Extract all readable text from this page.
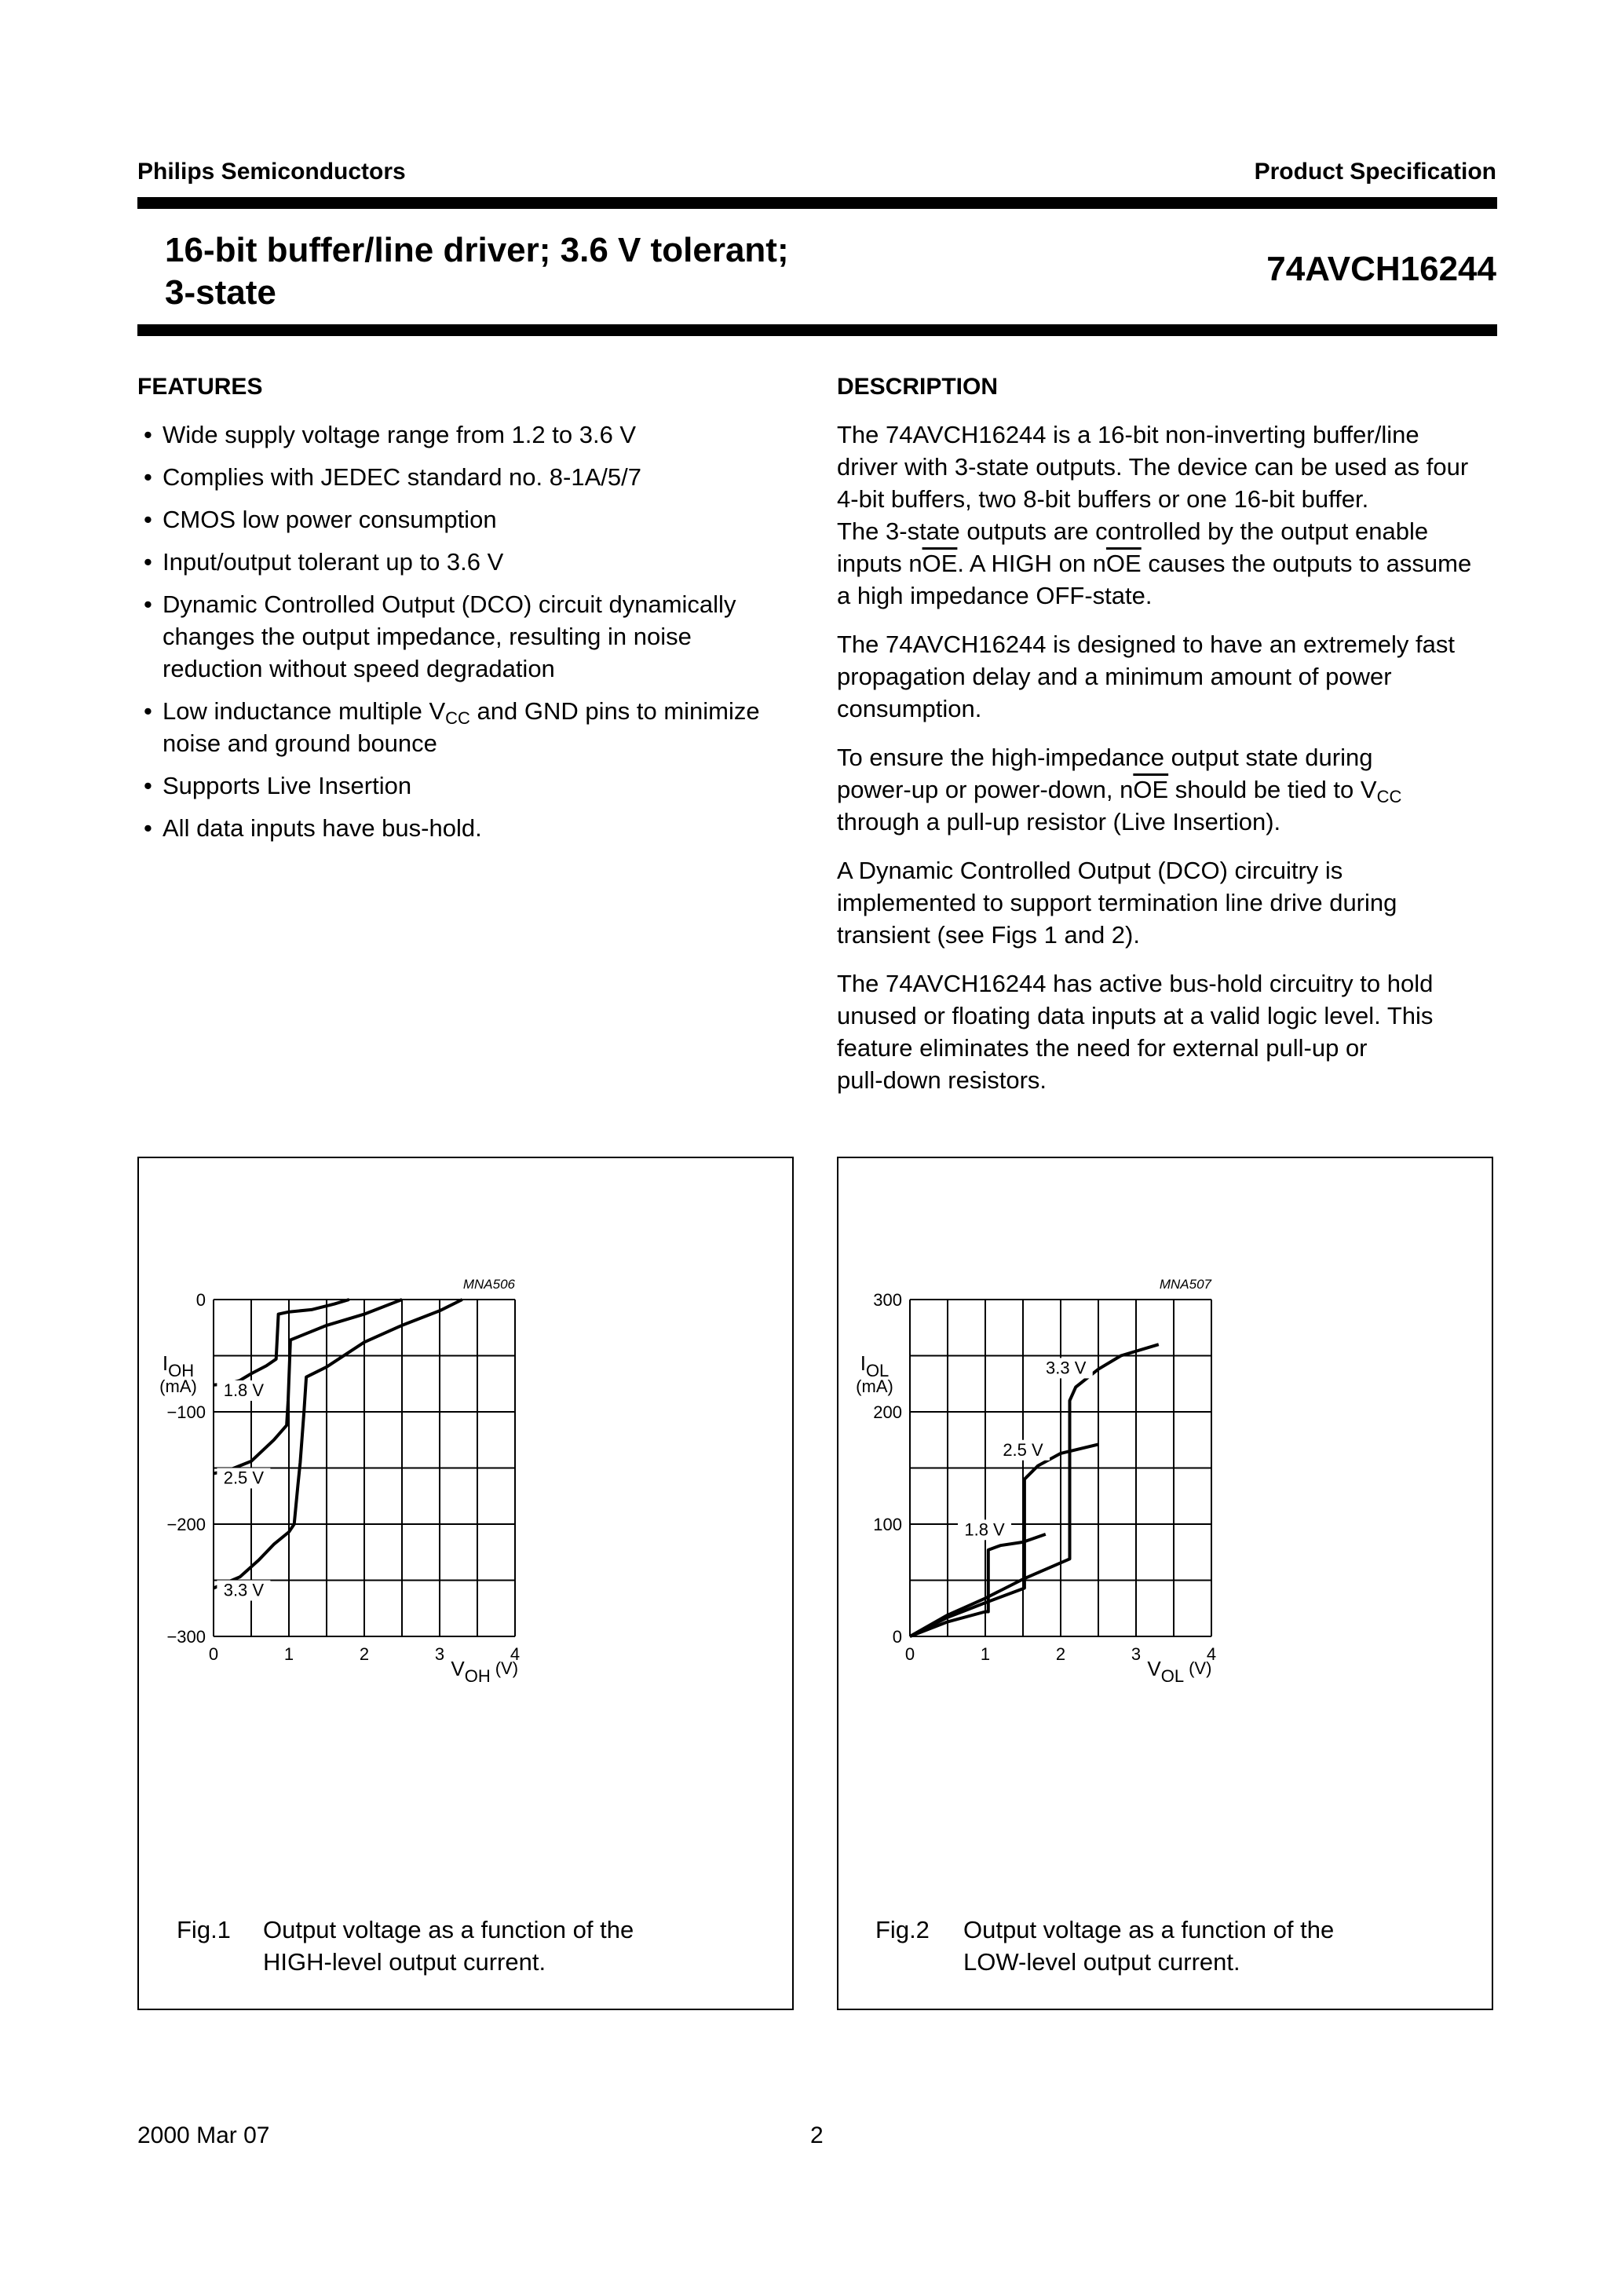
Philips Semiconductors	Product Specification
16-bit buffer/line driver; 3.6 V tolerant;
3-state
74AVCH16244
FEATURES	DESCRIPTION
• Wide supply voltage range from 1.2 to 3.6 V
• Complies with JEDEC standard no. 8-1A/5/7
• CMOS low power consumption
• Input/output tolerant up to 3.6 V
• Dynamic Controlled Output (DCO) circuit dynamically
changes the output impedance, resulting in noise
reduction without speed degradation
• Low inductance multiple $V_{CC}$ and GND pins to minimize
noise and ground bounce
• Supports Live Insertion
• All data inputs have bus-hold.
The 74AVCH16244 is a 16-bit non-inverting buffer/line
driver with 3-state outputs. The device can be used as four
4-bit buffers, two 8-bit buffers or one 16-bit buffer.
The 3-state outputs are controlled by the output enable
inputs $n\overline{OE}$. A HIGH on $n\overline{OE}$ causes the outputs to assume
a high impedance OFF-state.
The 74AVCH16244 is designed to have an extremely fast
propagation delay and a minimum amount of power
consumption.
To ensure the high-impedance output state during
power-up or power-down, $n\overline{OE}$ should be tied to $V_{CC}$
through a pull-up resistor (Live Insertion).
A Dynamic Controlled Output (DCO) circuitry is
implemented to support termination line drive during
transient (see Figs 1 and 2).
The 74AVCH16244 has active bus-hold circuitry to hold
unused or floating data inputs at a valid logic level. This
feature eliminates the need for external pull-up or
pull-down resistors.
MNA506
0
−100
−200
−300
0	1	2	3	4
$I_{OH}$
(mA)
$V_{OH}$ $^{(V)}$
1.8 V
2.5 V
3.3 V
MNA507
300
200
100
0
0	1	2	3	4
$I_{OL}$
(mA)
$V_{OL}$ $^{(V)}$
1.8 V
2.5 V
3.3 V
Fig.1 Output voltage as a function of the
HIGH-level output current.
Fig.2 Output voltage as a function of the
LOW-level output current.
2000 Mar 07	2
